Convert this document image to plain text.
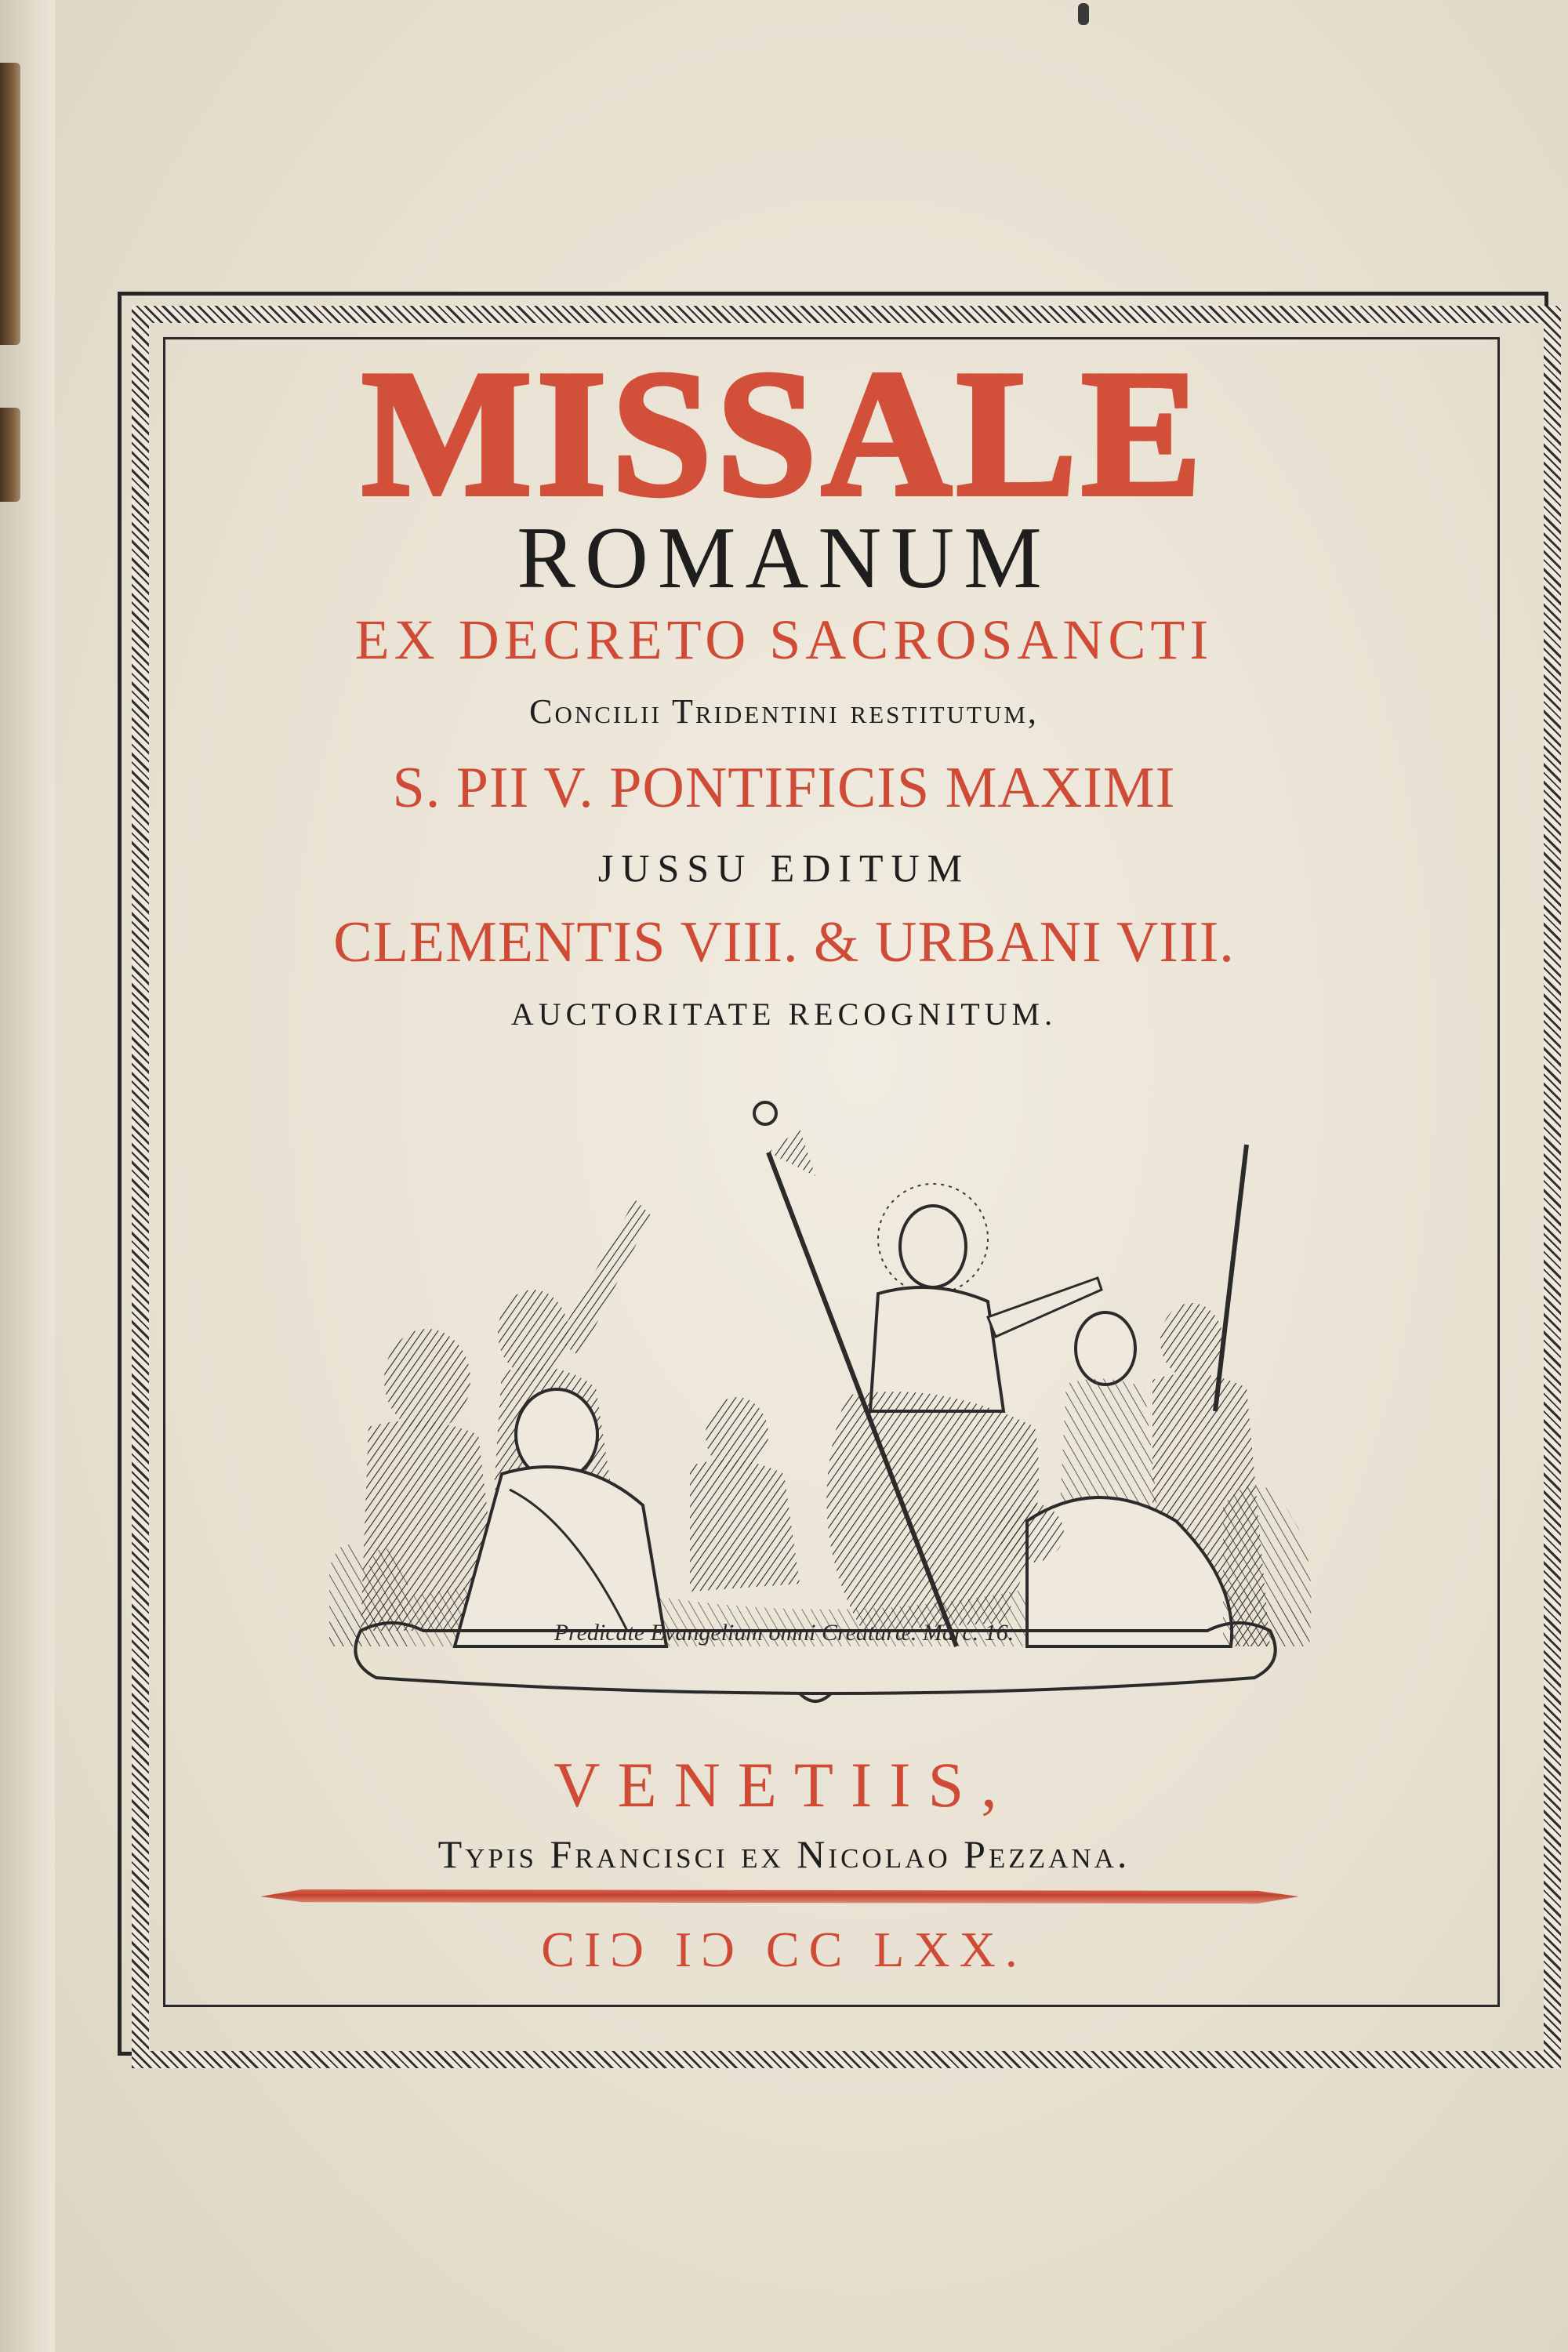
MISSALE
ROMANUM
EX DECRETO SACROSANCTI
Concilii Tridentini restitutum,
S. PII V. PONTIFICIS MAXIMI
JUSSU EDITUM
CLEMENTIS VIII. & URBANI VIII.
AUCTORITATE RECOGNITUM.
Predicate Evangelium omni Creaturæ. Marc. 16.
VENETIIS,
Typis Francisci ex Nicolao Pezzana.
CIϽ IϽ CC LXX.
